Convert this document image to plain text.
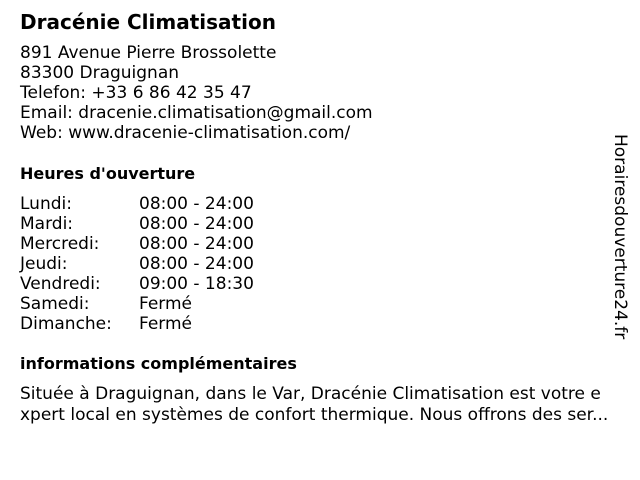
Dracénie Climatisation
891 Avenue Pierre Brossolette
83300 Draguignan
Telefon: +33 6 86 42 35 47
Email: dracenie.climatisation@gmail.com
Web: www.dracenie-climatisation.com/
Heures d'ouverture
Lundi:	08:00 - 24:00
Mardi:	08:00 - 24:00
Mercredi: 08:00 - 24:00
Jeudi:	08:00 - 24:00
Vendredi: 09:00 - 18:30
Samedi:	Fermé
Dimanche: Fermé
informations complémentaires
Située à Draguignan, dans le Var, Dracénie Climatisation est votre e
xpert local en systèmes de confort thermique. Nous offrons des ser...
Horairesdouverture24.fr
